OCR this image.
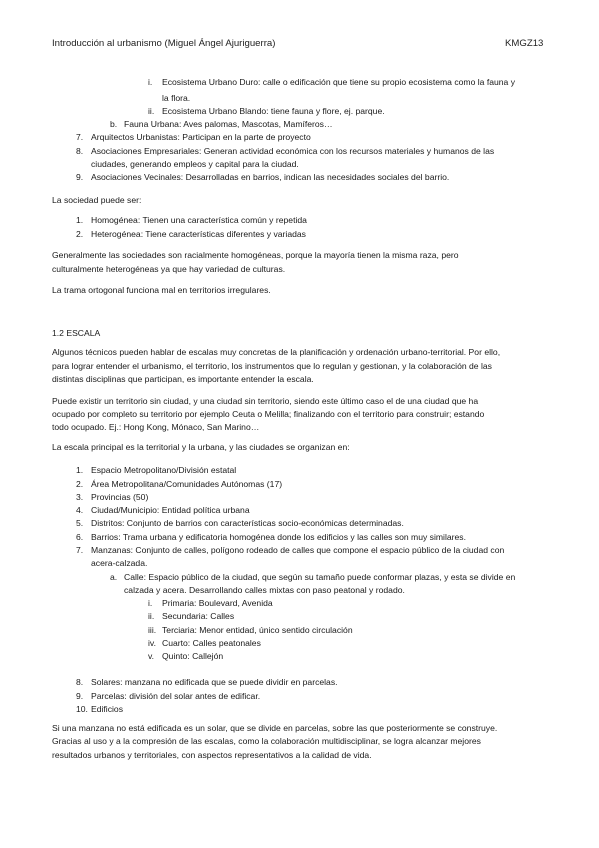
Introducción al urbanismo (Miguel Ángel Ajuriguerra)	KMGZ13
i. Ecosistema Urbano Duro: calle o edificación que tiene su propio ecosistema como la fauna y
la flora.
ii. Ecosistema Urbano Blando: tiene fauna y flore, ej. parque.
b. Fauna Urbana: Aves palomas, Mascotas, Mamíferos…
7. Arquitectos Urbanistas: Participan en la parte de proyecto
8. Asociaciones Empresariales: Generan actividad económica con los recursos materiales y humanos de las
ciudades, generando empleos y capital para la ciudad.
9. Asociaciones Vecinales: Desarrolladas en barrios, indican las necesidades sociales del barrio.
La sociedad puede ser:
1. Homogénea: Tienen una característica común y repetida
2. Heterogénea: Tiene características diferentes y variadas
Generalmente las sociedades son racialmente homogéneas, porque la mayoría tienen la misma raza, pero
culturalmente heterogéneas ya que hay variedad de culturas.
La trama ortogonal funciona mal en territorios irregulares.
1.2 ESCALA
Algunos técnicos pueden hablar de escalas muy concretas de la planificación y ordenación urbano-territorial. Por ello,
para lograr entender el urbanismo, el territorio, los instrumentos que lo regulan y gestionan, y la colaboración de las
distintas disciplinas que participan, es importante entender la escala.
Puede existir un territorio sin ciudad, y una ciudad sin territorio, siendo este último caso el de una ciudad que ha
ocupado por completo su territorio por ejemplo Ceuta o Melilla; finalizando con el territorio para construir; estando
todo ocupado. Ej.: Hong Kong, Mónaco, San Marino…
La escala principal es la territorial y la urbana, y las ciudades se organizan en:
1. Espacio Metropolitano/División estatal
2. Área Metropolitana/Comunidades Autónomas (17)
3. Provincias (50)
4. Ciudad/Municipio: Entidad política urbana
5. Distritos: Conjunto de barrios con características socio-económicas determinadas.
6. Barrios: Trama urbana y edificatoria homogénea donde los edificios y las calles son muy similares.
7. Manzanas: Conjunto de calles, polígono rodeado de calles que compone el espacio público de la ciudad con
acera-calzada.
a. Calle: Espacio público de la ciudad, que según su tamaño puede conformar plazas, y esta se divide en
calzada y acera. Desarrollando calles mixtas con paso peatonal y rodado.
i. Primaria: Boulevard, Avenida
ii. Secundaria: Calles
iii. Terciaria: Menor entidad, único sentido circulación
iv. Cuarto: Calles peatonales
v. Quinto: Callejón
8. Solares: manzana no edificada que se puede dividir en parcelas.
9. Parcelas: división del solar antes de edificar.
10. Edificios
Si una manzana no está edificada es un solar, que se divide en parcelas, sobre las que posteriormente se construye.
Gracias al uso y a la compresión de las escalas, como la colaboración multidisciplinar, se logra alcanzar mejores
resultados urbanos y territoriales, con aspectos representativos a la calidad de vida.
